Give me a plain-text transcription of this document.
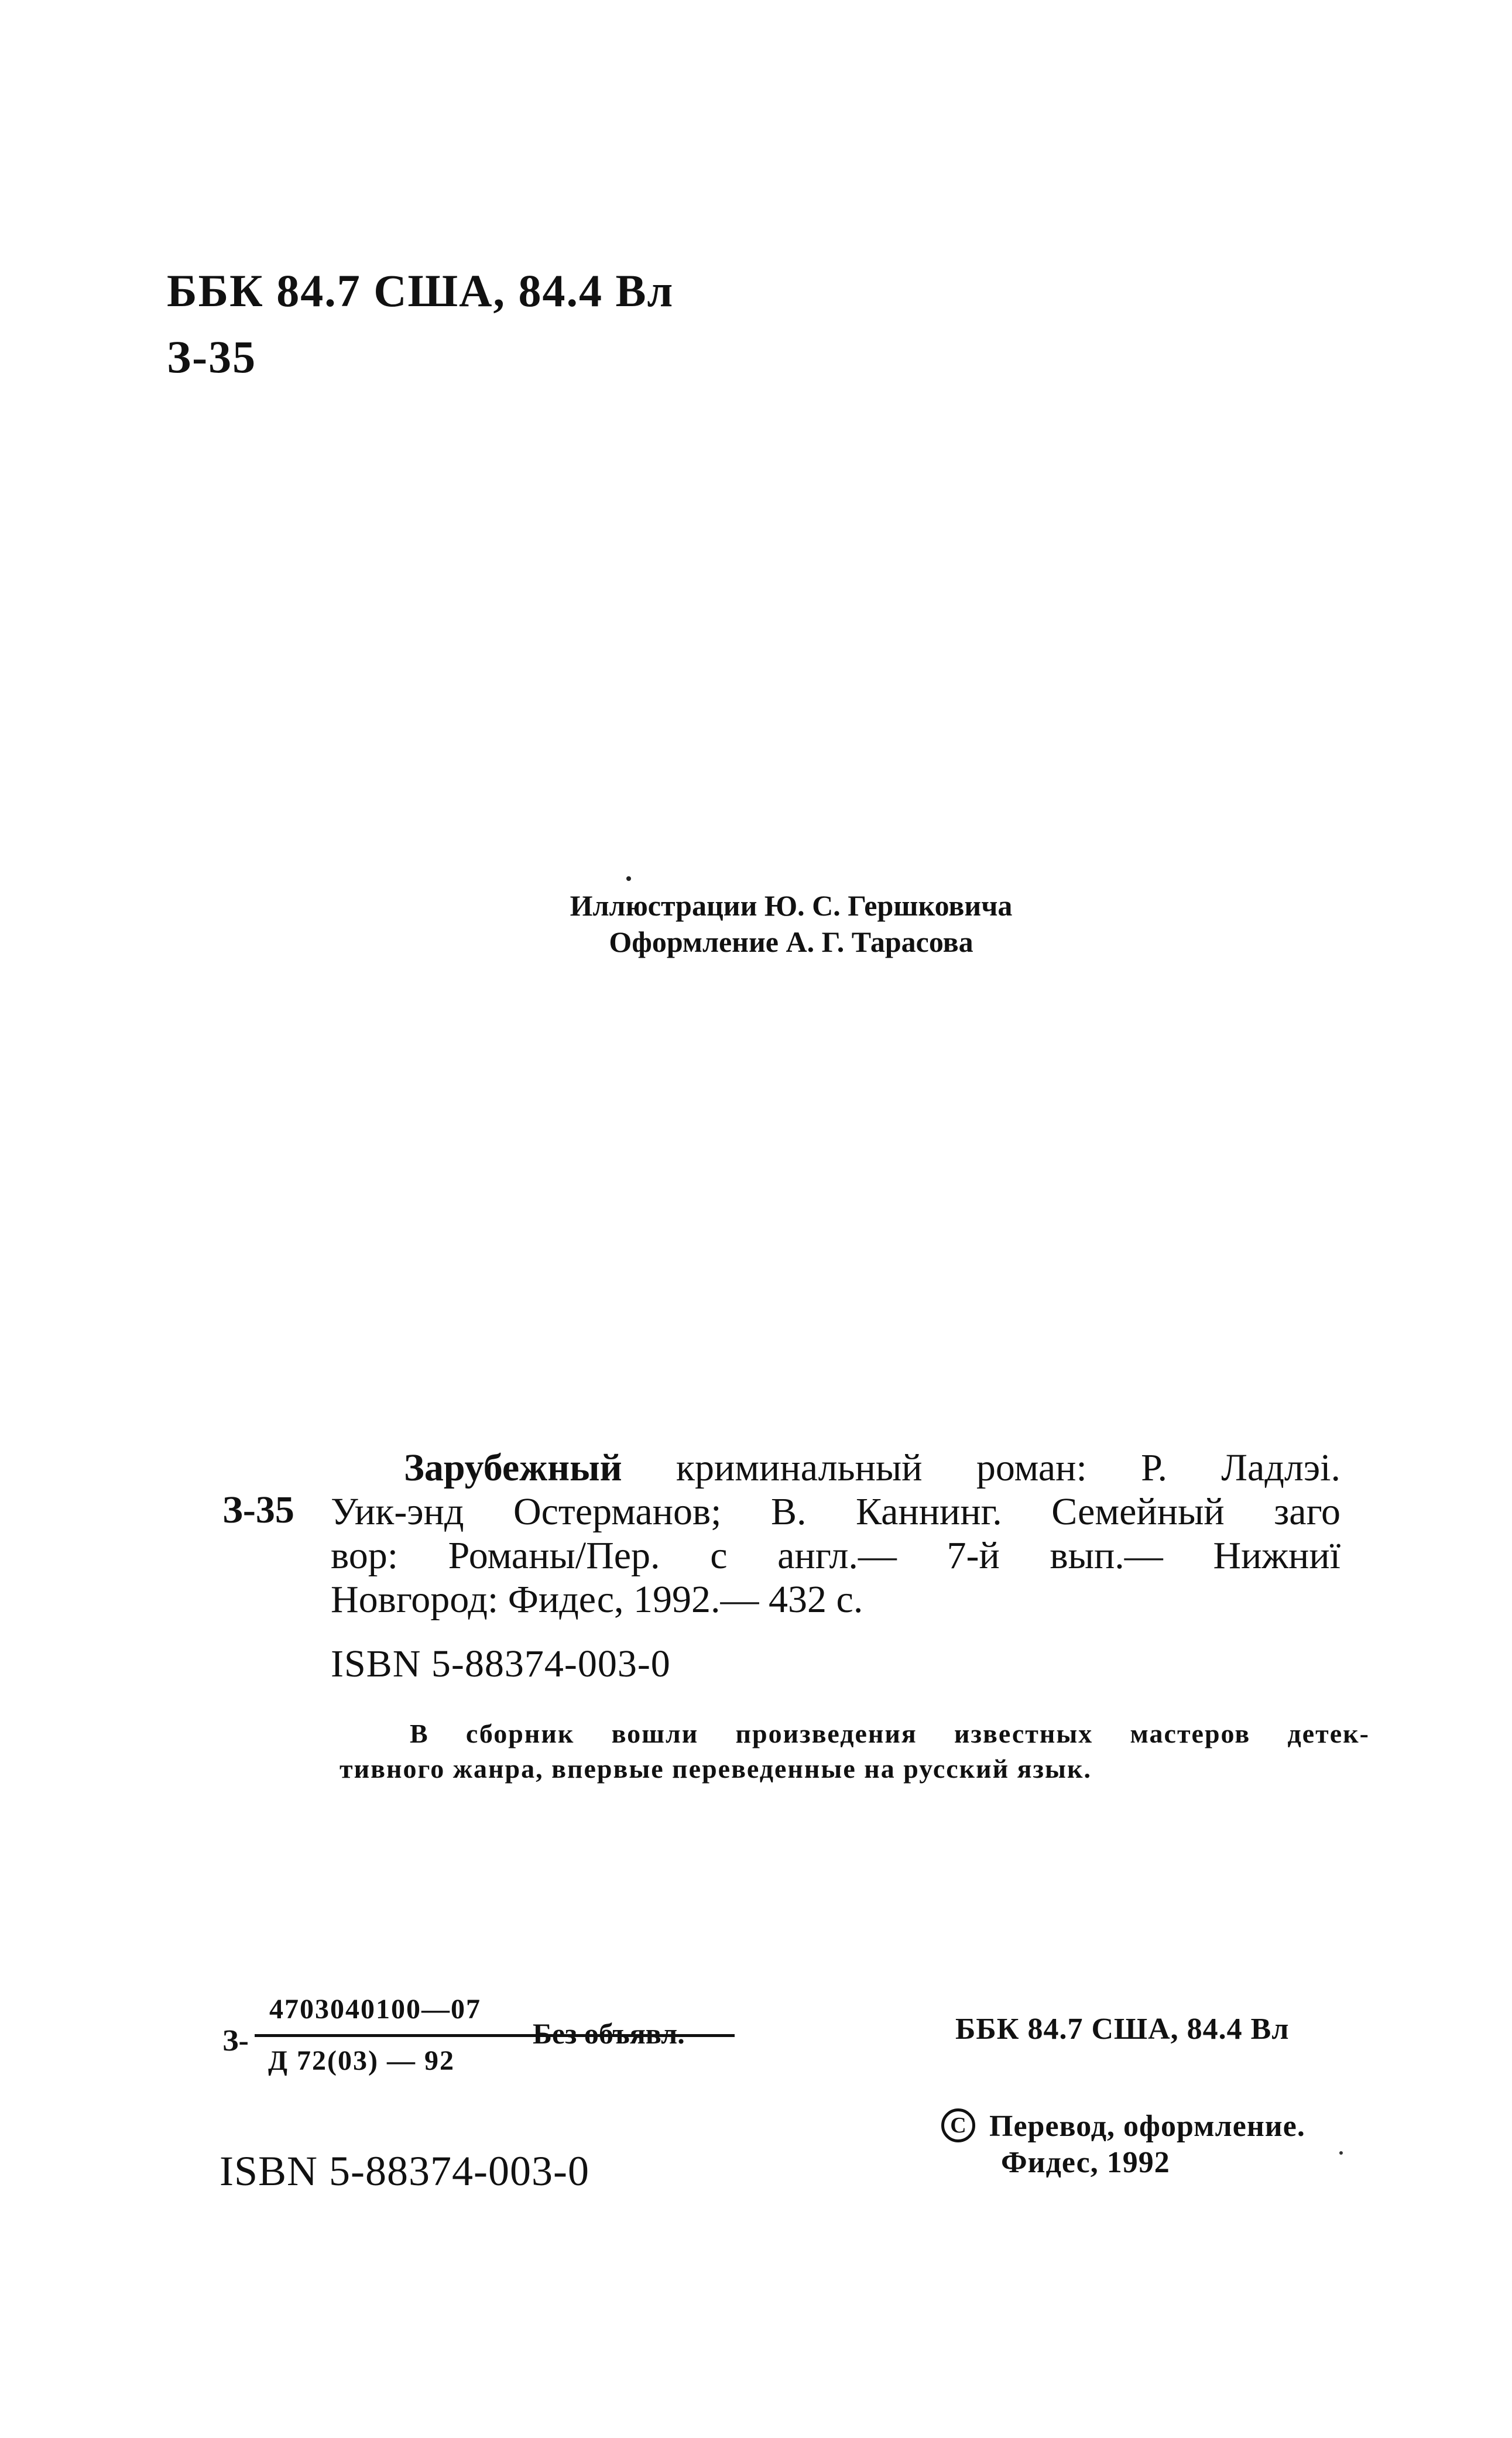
ББК 84.7 США, 84.4 Вл
З-35
Иллюстрации Ю. С. Гершковича
Оформление А. Г. Тарасова
З-35
Зарубежный криминальный роман: Р. Ладлэі.
Уик-энд Остерманов; В. Каннинг. Семейный заго
вор: Романы/Пер. с англ.— 7-й вып.— Нижниї
Новгород: Фидес, 1992.— 432 с.
ISBN 5-88374-003-0
В сборник вошли произведения известных мастеров детек-
тивного жанра, впервые переведенные на русский язык.
З-
4703040100—07
Д 72(03) — 92
Без объявл.	ББК 84.7 США, 84.4 Вл
ISBN 5-88374-003-0
C Перевод, оформление.
Фидес, 1992
